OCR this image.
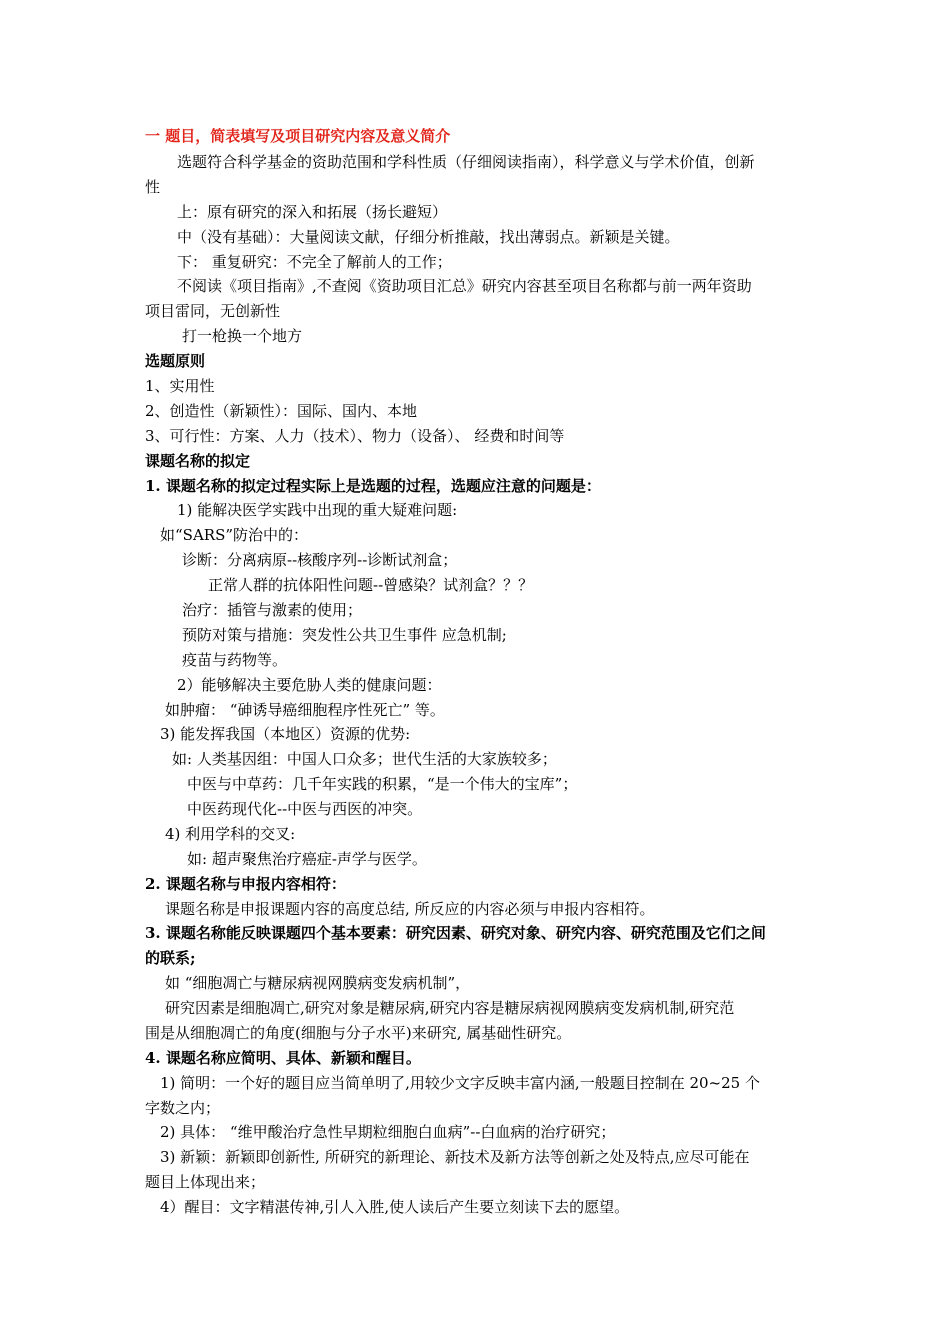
一 题目，简表填写及项目研究内容及意义简介
选题符合科学基金的资助范围和学科性质（仔细阅读指南），科学意义与学术价值，创新
性
上：原有研究的深入和拓展（扬长避短）
中（没有基础）：大量阅读文献，仔细分析推敲，找出薄弱点。新颖是关键。
下： 重复研究：不完全了解前人的工作；
不阅读《项目指南》,不查阅《资助项目汇总》研究内容甚至项目名称都与前一两年资助
项目雷同，无创新性
打一枪换一个地方
选题原则
1、实用性
2、创造性（新颖性）：国际、国内、本地
3、可行性：方案、人力（技术）、物力（设备）、 经费和时间等
课题名称的拟定
1. 课题名称的拟定过程实际上是选题的过程，选题应注意的问题是：
1) 能解决医学实践中出现的重大疑难问题:
如“SARS”防治中的：
诊断：分离病原--核酸序列--诊断试剂盒；
正常人群的抗体阳性问题--曾感染？试剂盒？？？
治疗：插管与激素的使用；
预防对策与措施：突发性公共卫生事件 应急机制;
疫苗与药物等。
2）能够解决主要危胁人类的健康问题：
如肿瘤： “砷诱导癌细胞程序性死亡” 等。
3) 能发挥我国（本地区）资源的优势:
如: 人类基因组：中国人口众多；世代生活的大家族较多；
中医与中草药：几千年实践的积累，“是一个伟大的宝库”；
中医药现代化--中医与西医的冲突。
4) 利用学科的交叉:
如: 超声聚焦治疗癌症-声学与医学。
2. 课题名称与申报内容相符：
课题名称是申报课题内容的高度总结, 所反应的内容必须与申报内容相符。
3. 课题名称能反映课题四个基本要素：研究因素、研究对象、研究内容、研究范围及它们之间
的联系;
如 “细胞凋亡与糖尿病视网膜病变发病机制”，
研究因素是细胞凋亡,研究对象是糖尿病,研究内容是糖尿病视网膜病变发病机制,研究范
围是从细胞凋亡的角度(细胞与分子水平)来研究, 属基础性研究。
4. 课题名称应简明、具体、新颖和醒目。
1) 简明：一个好的题目应当简单明了,用较少文字反映丰富内涵,一般题目控制在 20~25 个
字数之内；
2) 具体： “维甲酸治疗急性早期粒细胞白血病”--白血病的治疗研究；
3) 新颖：新颖即创新性, 所研究的新理论、新技术及新方法等创新之处及特点,应尽可能在
题目上体现出来；
4）醒目：文字精湛传神,引人入胜,使人读后产生要立刻读下去的愿望。
